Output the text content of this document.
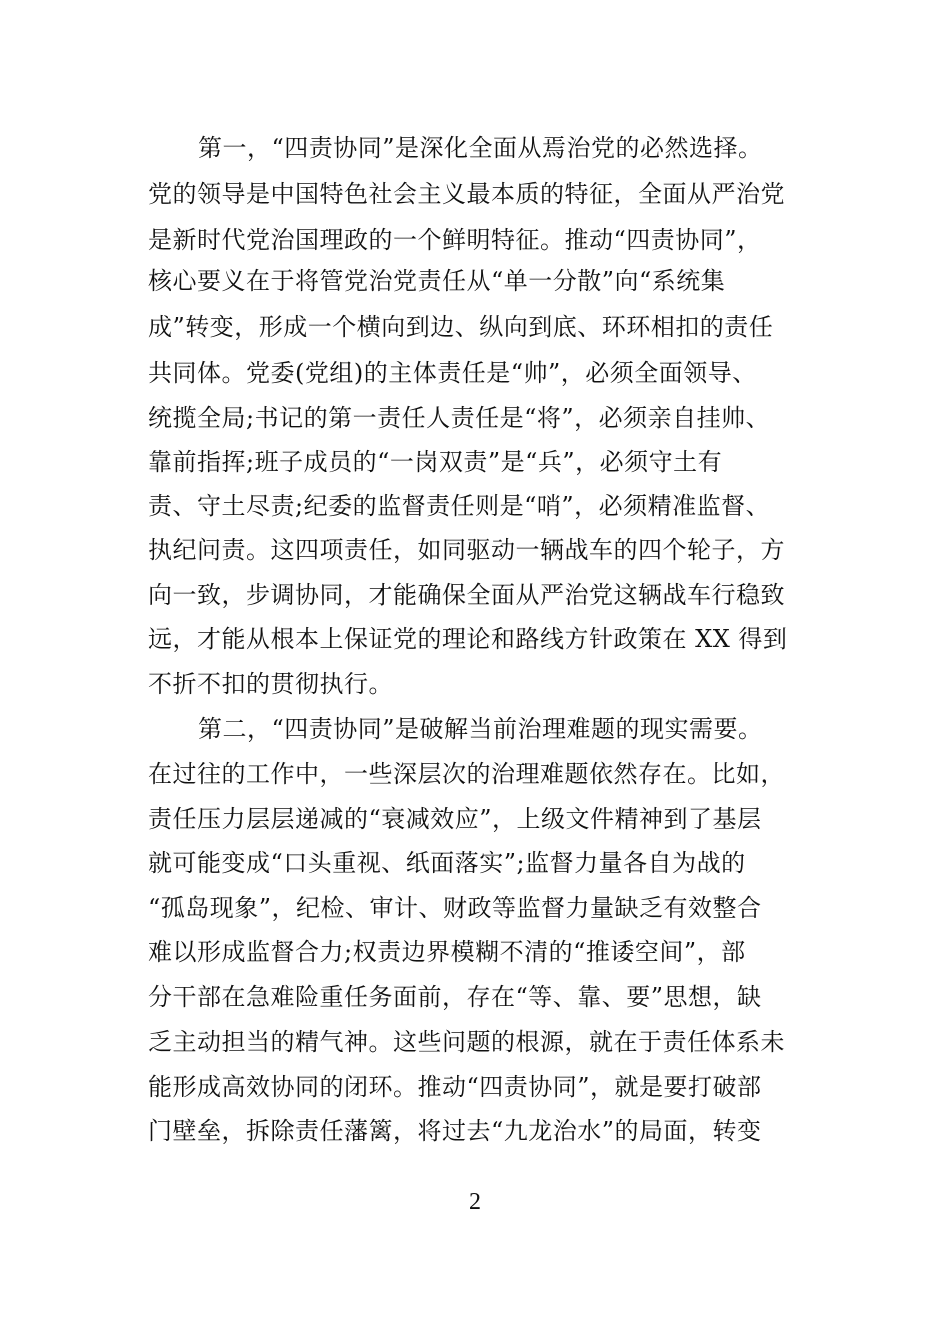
第一，“四责协同”是深化全面从焉治党的必然选择。
党的领导是中国特色社会主义最本质的特征，全面从严治党
是新时代党治国理政的一个鲜明特征。推动“四责协同”，
核心要义在于将管党治党责任从“单一分散”向“系统集
成”转变，形成一个横向到边、纵向到底、环环相扣的责任
共同体。党委(党组)的主体责任是“帅”，必须全面领导、
统揽全局;书记的第一责任人责任是“将”，必须亲自挂帅、
靠前指挥;班子成员的“一岗双责”是“兵”，必须守土有
责、守土尽责;纪委的监督责任则是“哨”，必须精准监督、
执纪问责。这四项责任，如同驱动一辆战车的四个轮子，方
向一致，步调协同，才能确保全面从严治党这辆战车行稳致
远，才能从根本上保证党的理论和路线方针政策在 XX 得到
不折不扣的贯彻执行。
第二，“四责协同”是破解当前治理难题的现实需要。
在过往的工作中，一些深层次的治理难题依然存在。比如，
责任压力层层递减的“衰减效应”，上级文件精神到了基层
就可能变成“口头重视、纸面落实”;监督力量各自为战的
“孤岛现象”，纪检、审计、财政等监督力量缺乏有效整合
难以形成监督合力;权责边界模糊不清的“推诿空间”，部
分干部在急难险重任务面前，存在“等、靠、要”思想，缺
乏主动担当的精气神。这些问题的根源，就在于责任体系未
能形成高效协同的闭环。推动“四责协同”，就是要打破部
门壁垒，拆除责任藩篱，将过去“九龙治水”的局面，转变
2
